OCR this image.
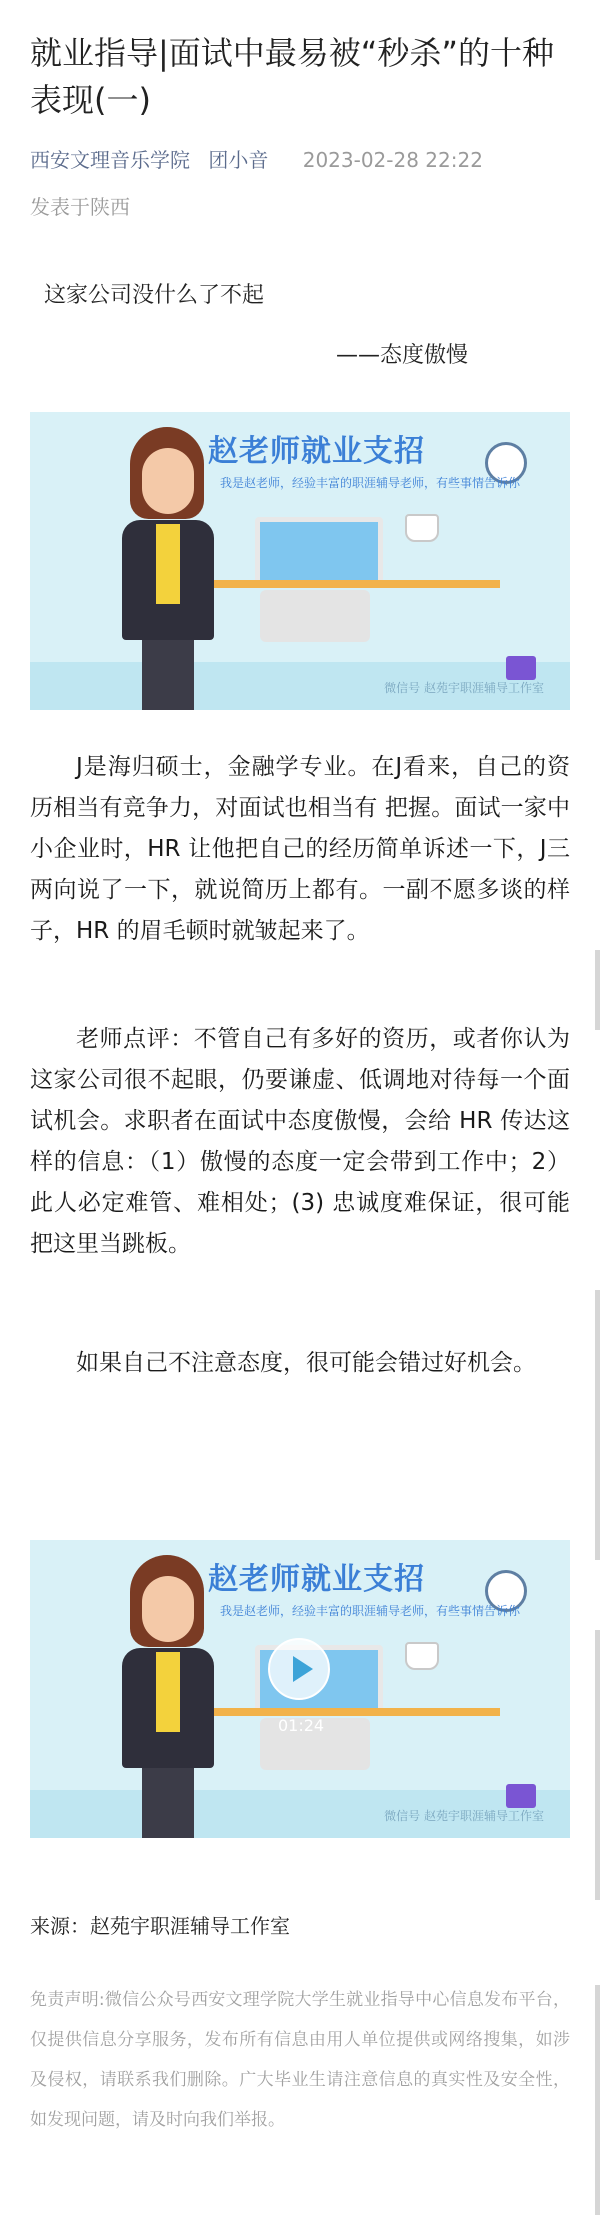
就业指导|面试中最易被“秒杀”的十种表现(一)
西安文理音乐学院 团小音 2023-02-28 22:22
发表于陕西
这家公司没什么了不起
——态度傲慢
赵老师就业支招
我是赵老师，经验丰富的职涯辅导老师，有些事情告诉你
微信号 赵苑宇职涯辅导工作室

J是海归硕士，金融学专业。在J看来，自己的资历相当有竞争力，对面试也相当有 把握。面试一家中小企业时，HR 让他把自己的经历简单诉述一下，J三两向说了一下，就说简历上都有。一副不愿多谈的样子，HR 的眉毛顿时就皱起来了。

老师点评：不管自己有多好的资历，或者你认为这家公司很不起眼，仍要谦虚、低调地对待每一个面试机会。求职者在面试中态度傲慢，会给 HR 传达这样的信息：（1）傲慢的态度一定会带到工作中；2）此人必定难管、难相处；(3) 忠诚度难保证，很可能把这里当跳板。

如果自己不注意态度，很可能会错过好机会。

赵老师就业支招
我是赵老师，经验丰富的职涯辅导老师，有些事情告诉你
微信号 赵苑宇职涯辅导工作室
01:24
来源：赵苑宇职涯辅导工作室

免责声明:微信公众号西安文理学院大学生就业指导中心信息发布平台，仅提供信息分享服务，发布所有信息由用人单位提供或网络搜集，如涉及侵权，请联系我们删除。广大毕业生请注意信息的真实性及安全性，如发现问题，请及时向我们举报。
